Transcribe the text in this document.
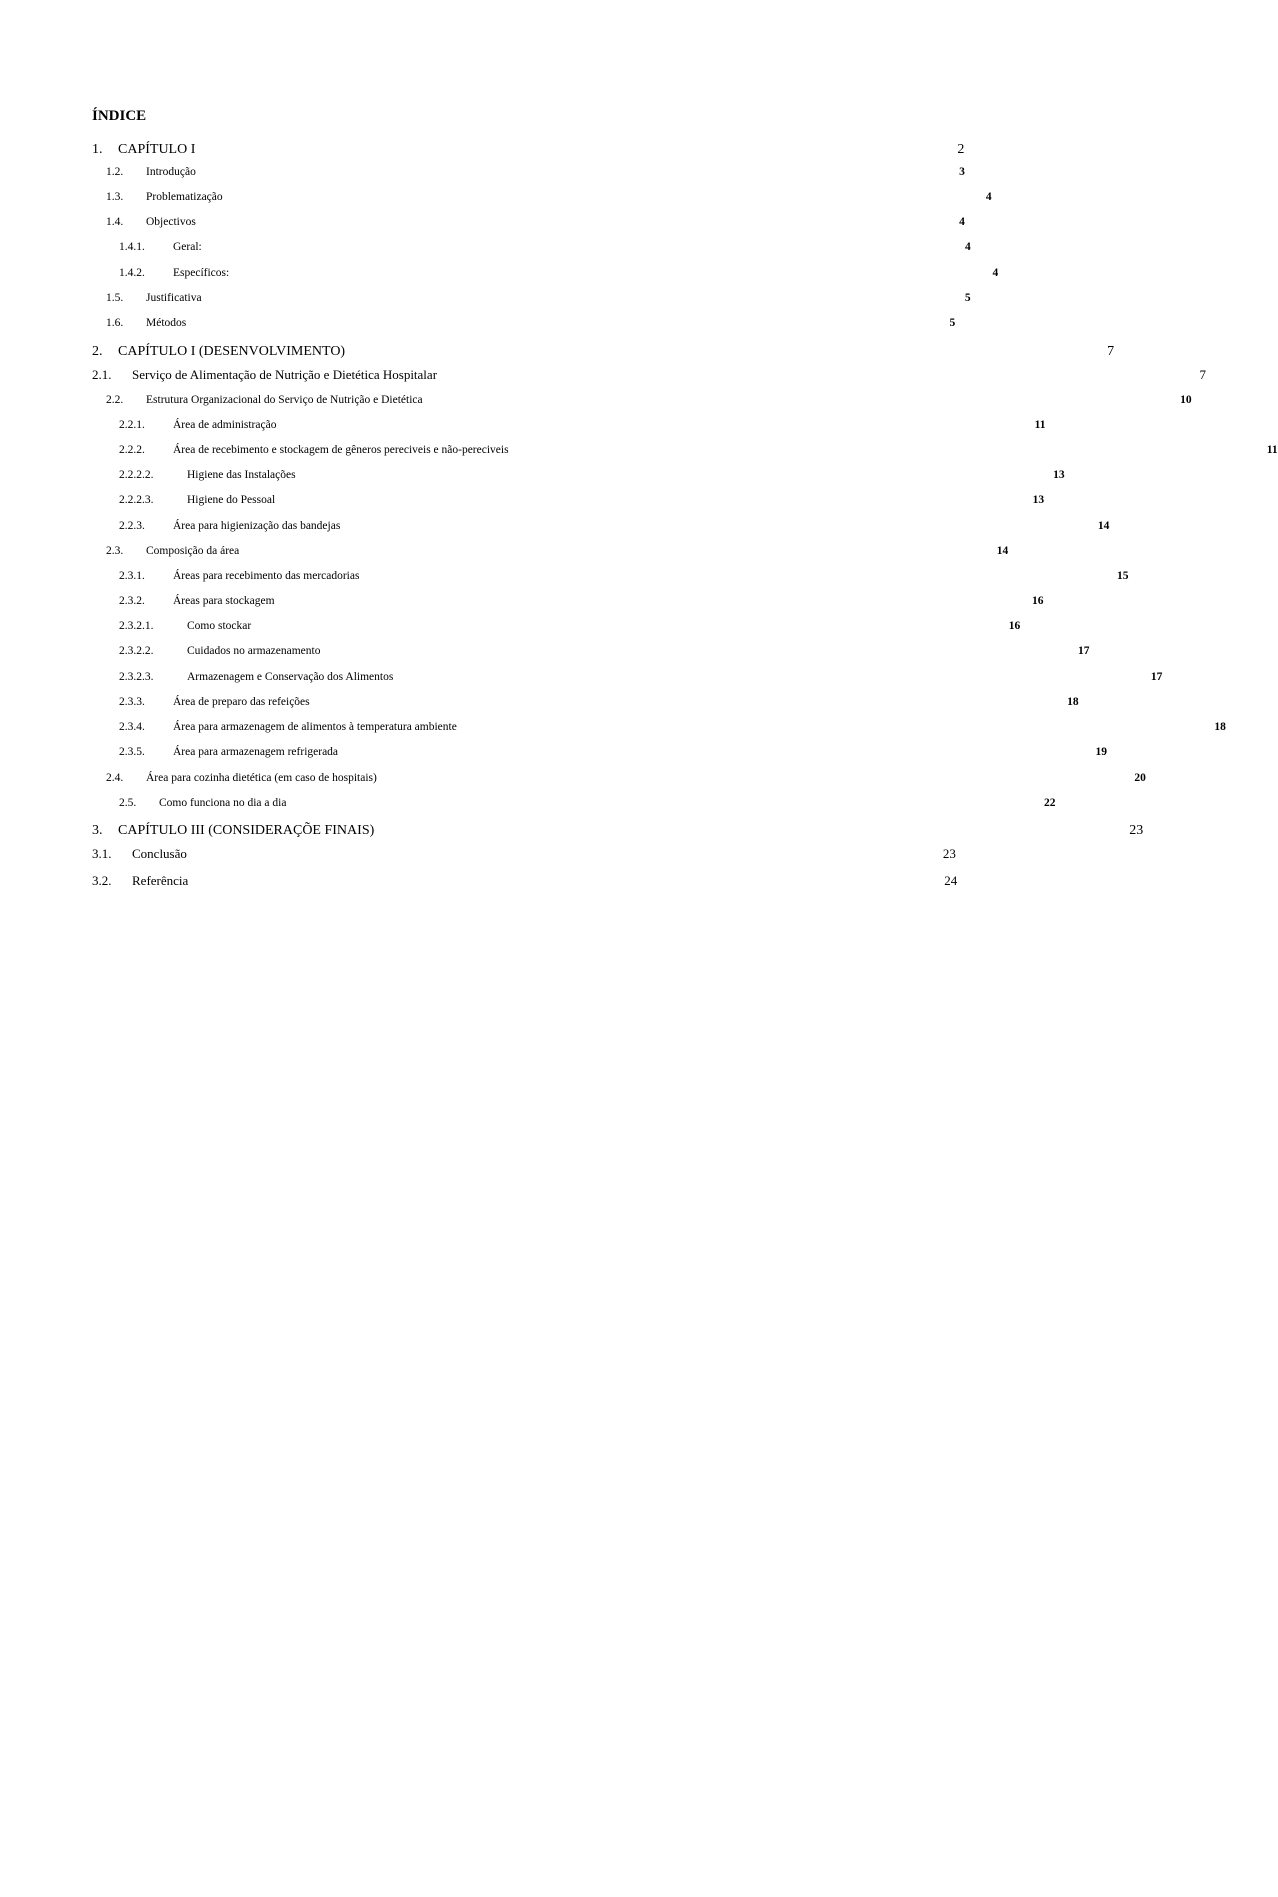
ÍNDICE
1.	CAPÍTULO I	2
1.2.	Introdução	3
1.3.	Problematização	4
1.4.	Objectivos	4
1.4.1.	Geral:	4
1.4.2.	Específicos:	4
1.5.	Justificativa	5
1.6.	Métodos	5
2.	CAPÍTULO I (DESENVOLVIMENTO)	7
2.1.	Serviço de Alimentação de Nutrição e Dietética Hospitalar	7
2.2.	Estrutura Organizacional do Serviço de Nutrição e Dietética	10
2.2.1.	Área de administração	11
2.2.2.	Área de recebimento e stockagem de gêneros pereciveis e não-pereciveis	11
2.2.2.2.	Higiene das Instalações	13
2.2.2.3.	Higiene do Pessoal	13
2.2.3.	Área para higienização das bandejas	14
2.3.	Composição da área	14
2.3.1.	Áreas para recebimento das mercadorias	15
2.3.2.	Áreas para stockagem	16
2.3.2.1.	Como stockar	16
2.3.2.2.	Cuidados no armazenamento	17
2.3.2.3.	Armazenagem e Conservação dos Alimentos	17
2.3.3.	Área de preparo das refeições	18
2.3.4.	Área para armazenagem de alimentos à temperatura ambiente	18
2.3.5.	Área para armazenagem refrigerada	19
2.4.	Área para cozinha dietética (em caso de hospitais)	20
2.5.	Como funciona no dia a dia	22
3.	CAPÍTULO III (CONSIDERAÇÕE FINAIS)	23
3.1.	Conclusão	23
3.2.	Referência	24
